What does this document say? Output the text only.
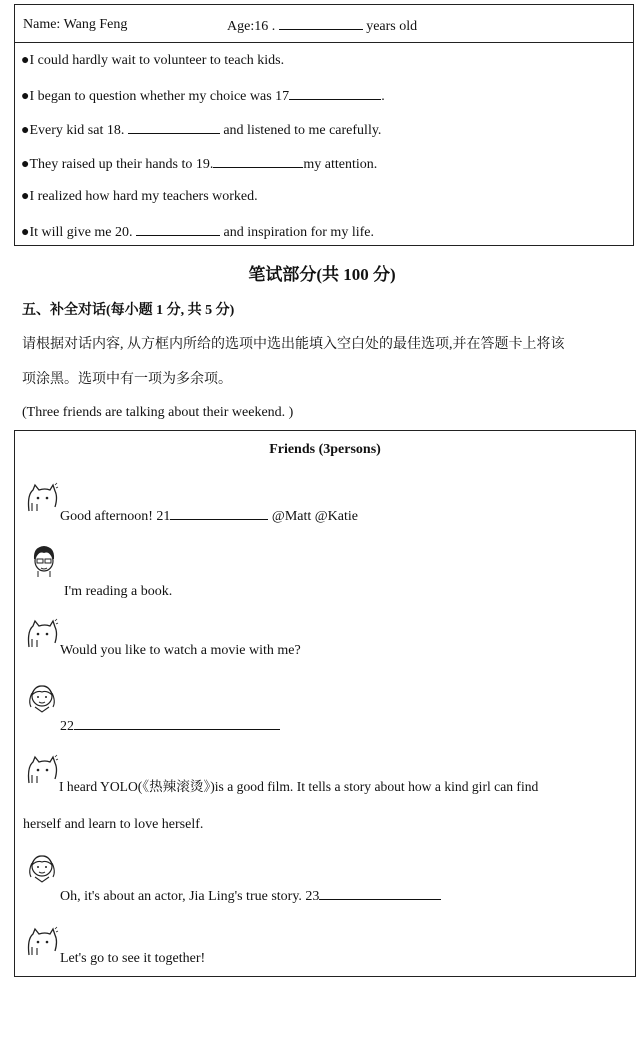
Name: Wang Feng	Age:16 .	years old
●I could hardly wait to volunteer to teach kids.
●I began to question whether my choice was 17	.
●Every kid sat 18.	and listened to me carefully.
●They raised up their hands to 19.	my attention.
●I realized how hard my teachers worked.
●It will give me 20.	and inspiration for my life.
笔试部分(共 100 分)
五、补全对话(每小题 1 分, 共 5 分)
请根据对话内容, 从方框内所给的选项中选出能填入空白处的最佳选项,并在答题卡上将该
项涂黑。选项中有一项为多余项。
(Three friends are talking about their weekend. )
Friends (3persons)
Good afternoon! 21	@Matt @Katie
I'm reading a book.
Would you like to watch a movie with me?
22
I heard YOLO(《热辣滚烫》)is a good film. It tells a story about how a kind girl can find
herself and learn to love herself.
Oh, it's about an actor, Jia Ling's true story. 23
Let's go to see it together!
